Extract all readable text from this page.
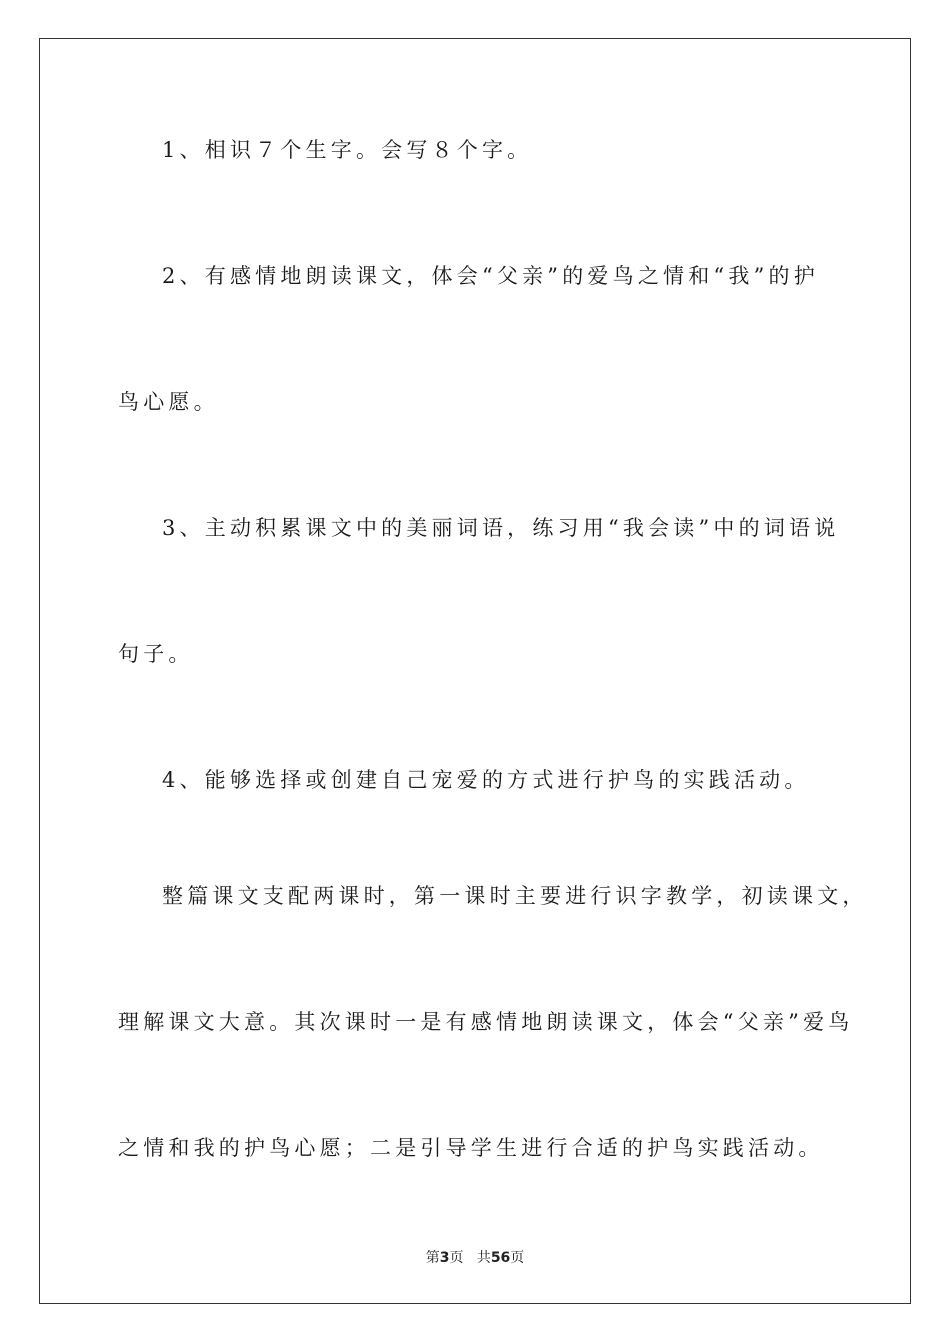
1、相识７个生字。会写８个字。
2、有感情地朗读课文，体会“父亲”的爱鸟之情和“我”的护
鸟心愿。
3、主动积累课文中的美丽词语，练习用“我会读”中的词语说
句子。
4、能够选择或创建自己宠爱的方式进行护鸟的实践活动。
整篇课文支配两课时，第一课时主要进行识字教学，初读课文，
理解课文大意。其次课时一是有感情地朗读课文，体会“父亲”爱鸟
之情和我的护鸟心愿；二是引导学生进行合适的护鸟实践活动。
第3页 共56页
